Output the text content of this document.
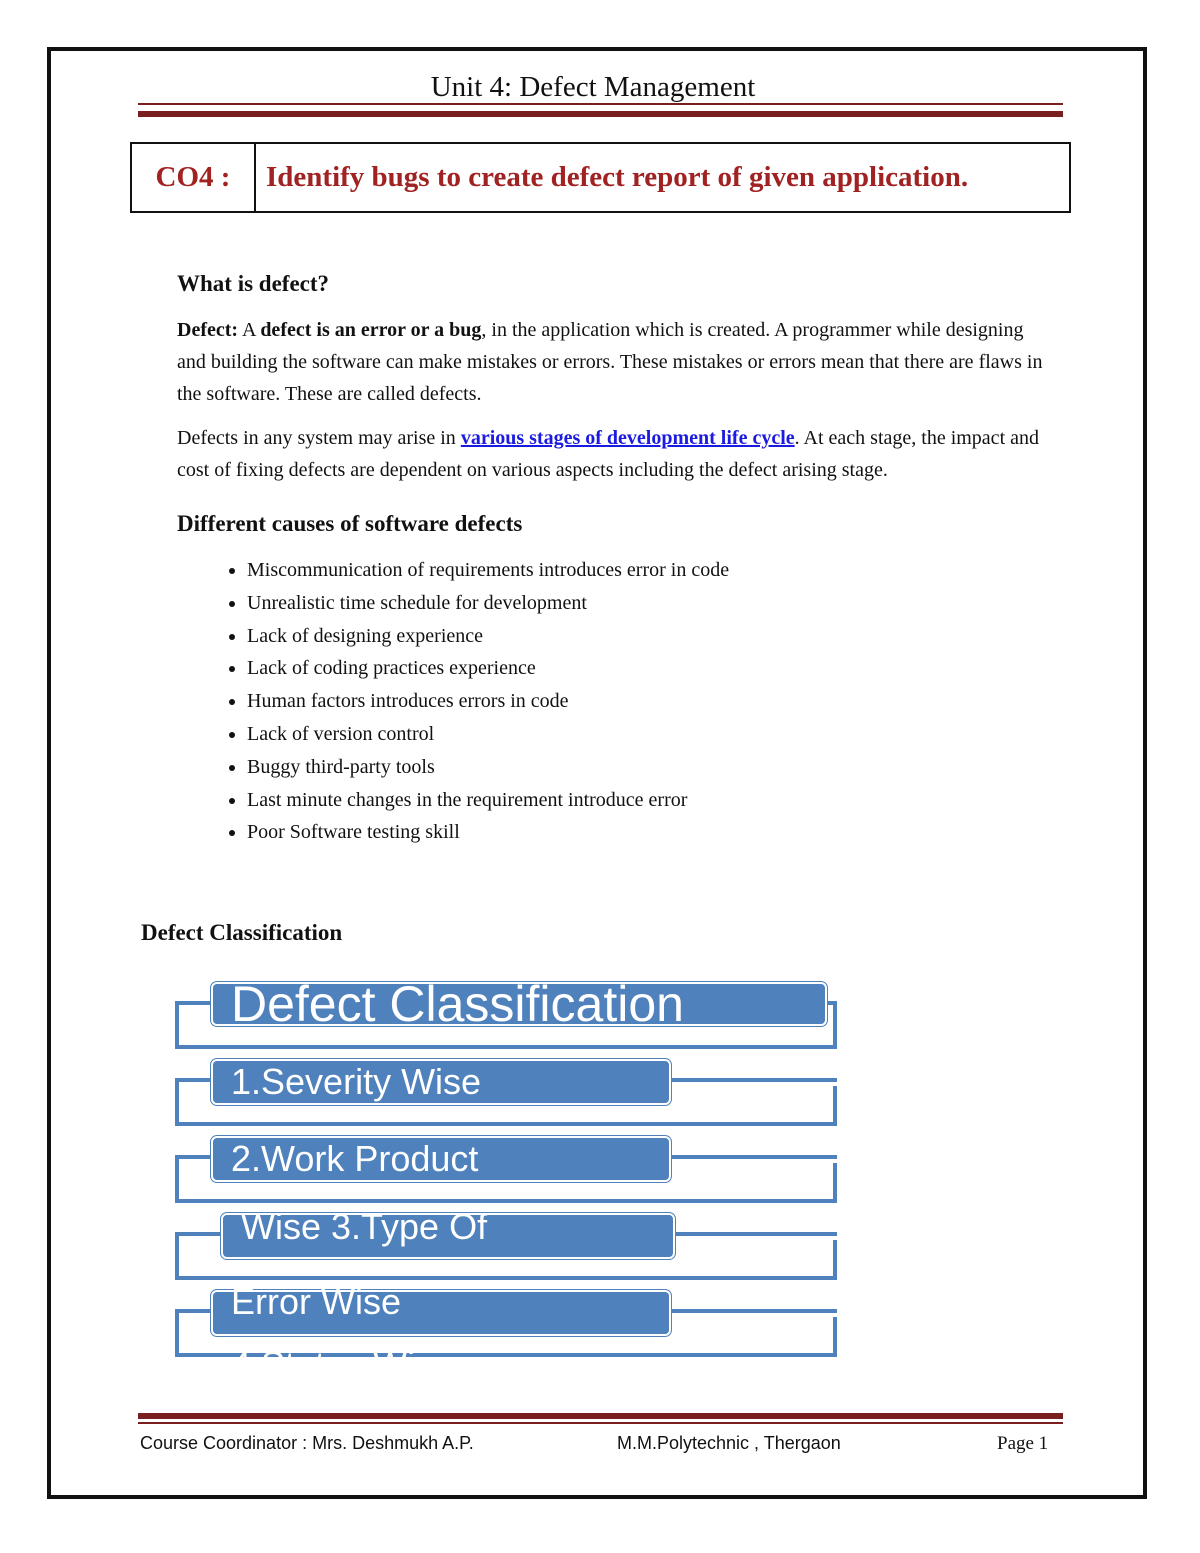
Unit 4: Defect Management
CO4 :	Identify bugs to create defect report of given application.
What is defect?

Defect: A defect is an error or a bug, in the application which is created. A programmer while designing and building the software can make mistakes or errors. These mistakes or errors mean that there are flaws in the software. These are called defects.

Defects in any system may arise in various stages of development life cycle. At each stage, the impact and cost of fixing defects are dependent on various aspects including the defect arising stage.

Different causes of software defects
• Miscommunication of requirements introduces error in code
• Unrealistic time schedule for development
• Lack of designing experience
• Lack of coding practices experience
• Human factors introduces errors in code
• Lack of version control
• Buggy third-party tools
• Last minute changes in the requirement introduce error
• Poor Software testing skill
Defect Classification
Defect Classification
1.Severity Wise
2.Work Product
Wise 3.Type Of
Error Wise
4.Status Wise
Course Coordinator : Mrs. Deshmukh A.P.	M.M.Polytechnic , Thergaon	Page 1
